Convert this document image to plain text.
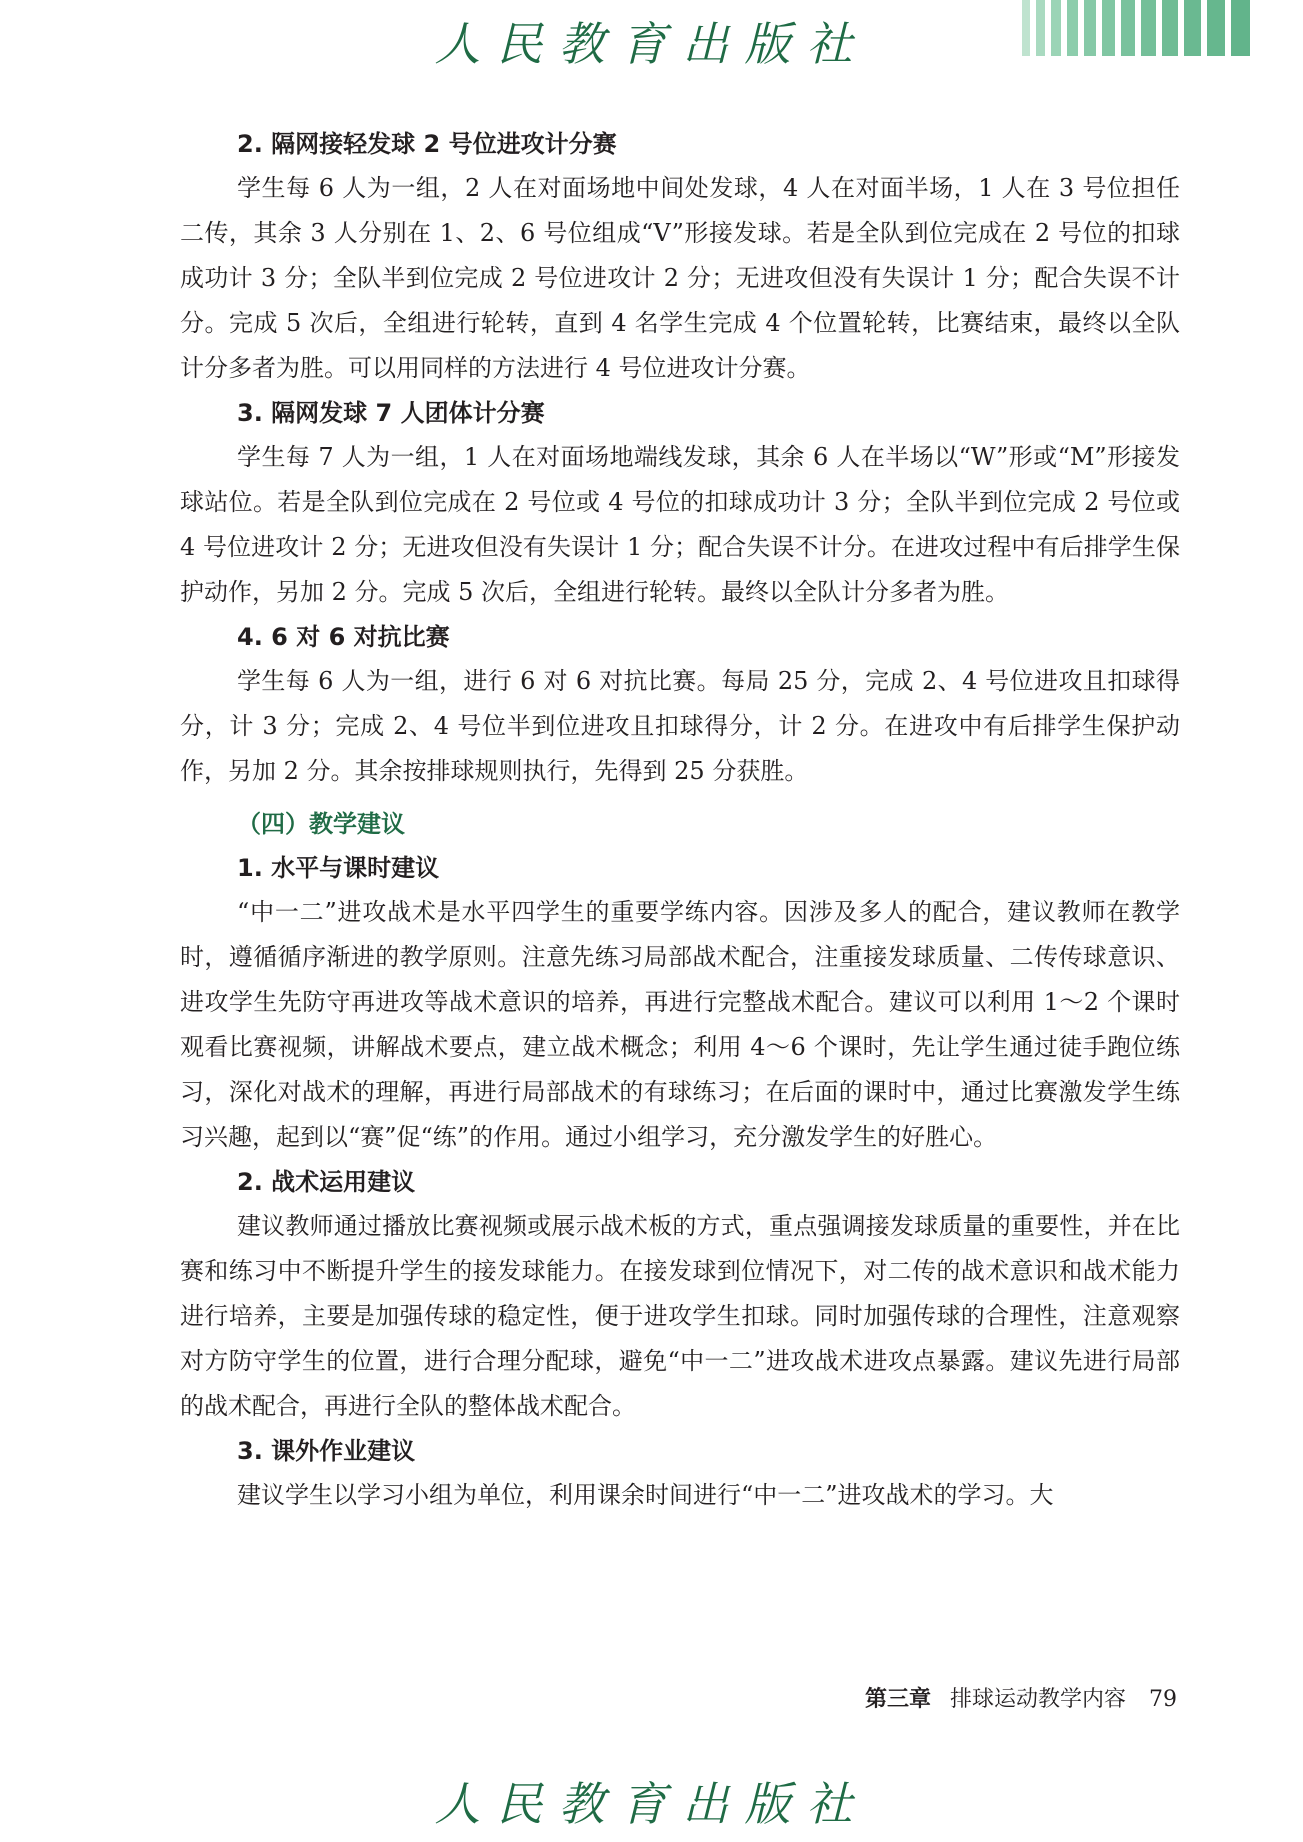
人民教育出版社
2. 隔网接轻发球 2 号位进攻计分赛

学生每 6 人为一组，2 人在对面场地中间处发球，4 人在对面半场，1 人在 3 号位担任二传，其余 3 人分别在 1、2、6 号位组成“V”形接发球。若是全队到位完成在 2 号位的扣球成功计 3 分；全队半到位完成 2 号位进攻计 2 分；无进攻但没有失误计 1 分；配合失误不计分。完成 5 次后，全组进行轮转，直到 4 名学生完成 4 个位置轮转，比赛结束，最终以全队计分多者为胜。可以用同样的方法进行 4 号位进攻计分赛。

3. 隔网发球 7 人团体计分赛

学生每 7 人为一组，1 人在对面场地端线发球，其余 6 人在半场以“W”形或“M”形接发球站位。若是全队到位完成在 2 号位或 4 号位的扣球成功计 3 分；全队半到位完成 2 号位或 4 号位进攻计 2 分；无进攻但没有失误计 1 分；配合失误不计分。在进攻过程中有后排学生保护动作，另加 2 分。完成 5 次后，全组进行轮转。最终以全队计分多者为胜。

4. 6 对 6 对抗比赛

学生每 6 人为一组，进行 6 对 6 对抗比赛。每局 25 分，完成 2、4 号位进攻且扣球得分，计 3 分；完成 2、4 号位半到位进攻且扣球得分，计 2 分。在进攻中有后排学生保护动作，另加 2 分。其余按排球规则执行，先得到 25 分获胜。

（四）教学建议
1. 水平与课时建议

“中一二”进攻战术是水平四学生的重要学练内容。因涉及多人的配合，建议教师在教学时，遵循循序渐进的教学原则。注意先练习局部战术配合，注重接发球质量、二传传球意识、进攻学生先防守再进攻等战术意识的培养，再进行完整战术配合。建议可以利用 1～2 个课时观看比赛视频，讲解战术要点，建立战术概念；利用 4～6 个课时，先让学生通过徒手跑位练习，深化对战术的理解，再进行局部战术的有球练习；在后面的课时中，通过比赛激发学生练习兴趣，起到以“赛”促“练”的作用。通过小组学习，充分激发学生的好胜心。

2. 战术运用建议

建议教师通过播放比赛视频或展示战术板的方式，重点强调接发球质量的重要性，并在比赛和练习中不断提升学生的接发球能力。在接发球到位情况下，对二传的战术意识和战术能力进行培养，主要是加强传球的稳定性，便于进攻学生扣球。同时加强传球的合理性，注意观察对方防守学生的位置，进行合理分配球，避免“中一二”进攻战术进攻点暴露。建议先进行局部的战术配合，再进行全队的整体战术配合。

3. 课外作业建议

建议学生以学习小组为单位，利用课余时间进行“中一二”进攻战术的学习。大

第三章 排球运动教学内容 79
人民教育出版社
